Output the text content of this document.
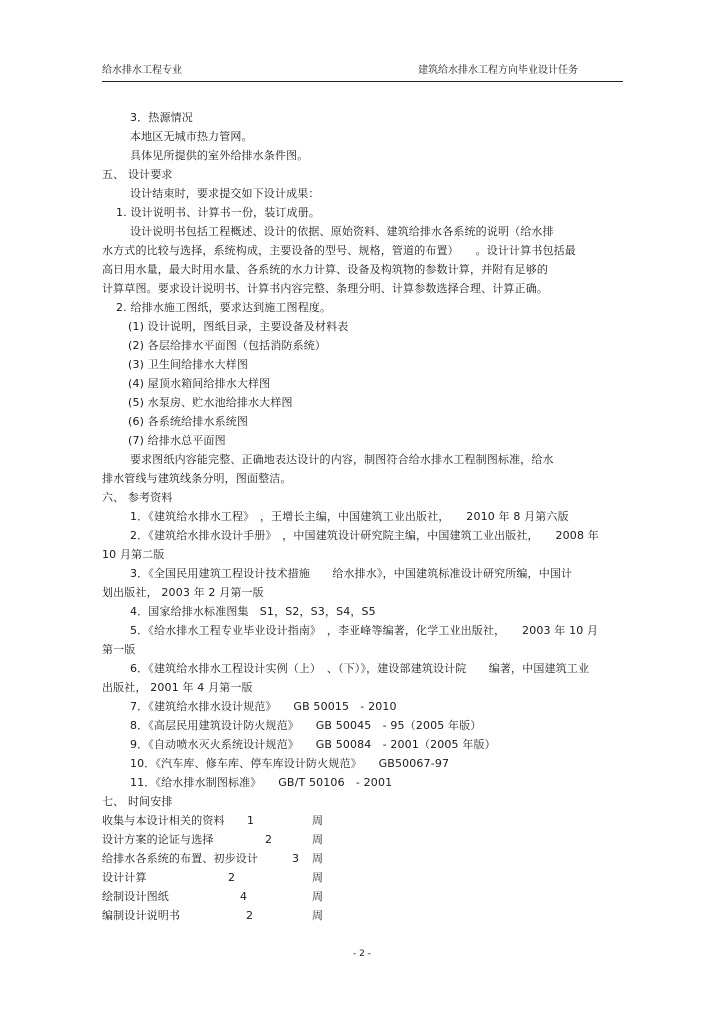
给水排水工程专业	建筑给水排水工程方向毕业设计任务
3．热源情况
本地区无城市热力管网。
具体见所提供的室外给排水条件图。
五、 设计要求
设计结束时，要求提交如下设计成果：
1. 设计说明书、计算书一份，装订成册。
设计说明书包括工程概述、设计的依据、原始资料、建筑给排水各系统的说明（给水排
水方式的比较与选择，系统构成，主要设备的型号、规格，管道的布置）　　。设计计算书包括最
高日用水量，最大时用水量、各系统的水力计算、设备及构筑物的参数计算，并附有足够的
计算草图。要求设计说明书、计算书内容完整、条理分明、计算参数选择合理、计算正确。
2. 给排水施工图纸，要求达到施工图程度。
(1) 设计说明，图纸目录，主要设备及材料表
(2) 各层给排水平面图（包括消防系统）
(3) 卫生间给排水大样图
(4) 屋顶水箱间给排水大样图
(5) 水泵房、贮水池给排水大样图
(6) 各系统给排水系统图
(7) 给排水总平面图
要求图纸内容能完整、正确地表达设计的内容，制图符合给水排水工程制图标准，给水
排水管线与建筑线条分明，图面整洁。
六、 参考资料
1．《建筑给水排水工程》　，王增长主编，中国建筑工业出版社，　　2010 年 8 月第六版
2．《建筑给水排水设计手册》　，中国建筑设计研究院主编，中国建筑工业出版社，　　2008 年
10 月第二版
3．《全国民用建筑工程设计技术措施　　给水排水》，中国建筑标准设计研究所编，中国计
划出版社， 2003 年 2 月第一版
4．国家给排水标准图集　S1，S2，S3，S4，S5
5．《给水排水工程专业毕业设计指南》　，李亚峰等编著，化学工业出版社，　　2003 年 10 月
第一版
6．《建筑给水排水工程设计实例（上）　、（下）》，建设部建筑设计院　　编著，中国建筑工业
出版社， 2001 年 4 月第一版
7．《建筑给水排水设计规范》　　GB 50015　- 2010
8．《高层民用建筑设计防火规范》　　GB 50045　- 95（2005 年版）
9．《自动喷水灭火系统设计规范》　　GB 50084　- 2001（2005 年版）
10．《汽车库、修车库、停车库设计防火规范》　　GB50067-97
11．《给水排水制图标准》　　GB/T 50106　- 2001
七、 时间安排
收集与本设计相关的资料 1	周
设计方案的论证与选择	2	周
给排水各系统的布置、初步设计	3 周
设计计算	2	周
绘制设计图纸	4	周
编制设计说明书	2	周
- 2 -
